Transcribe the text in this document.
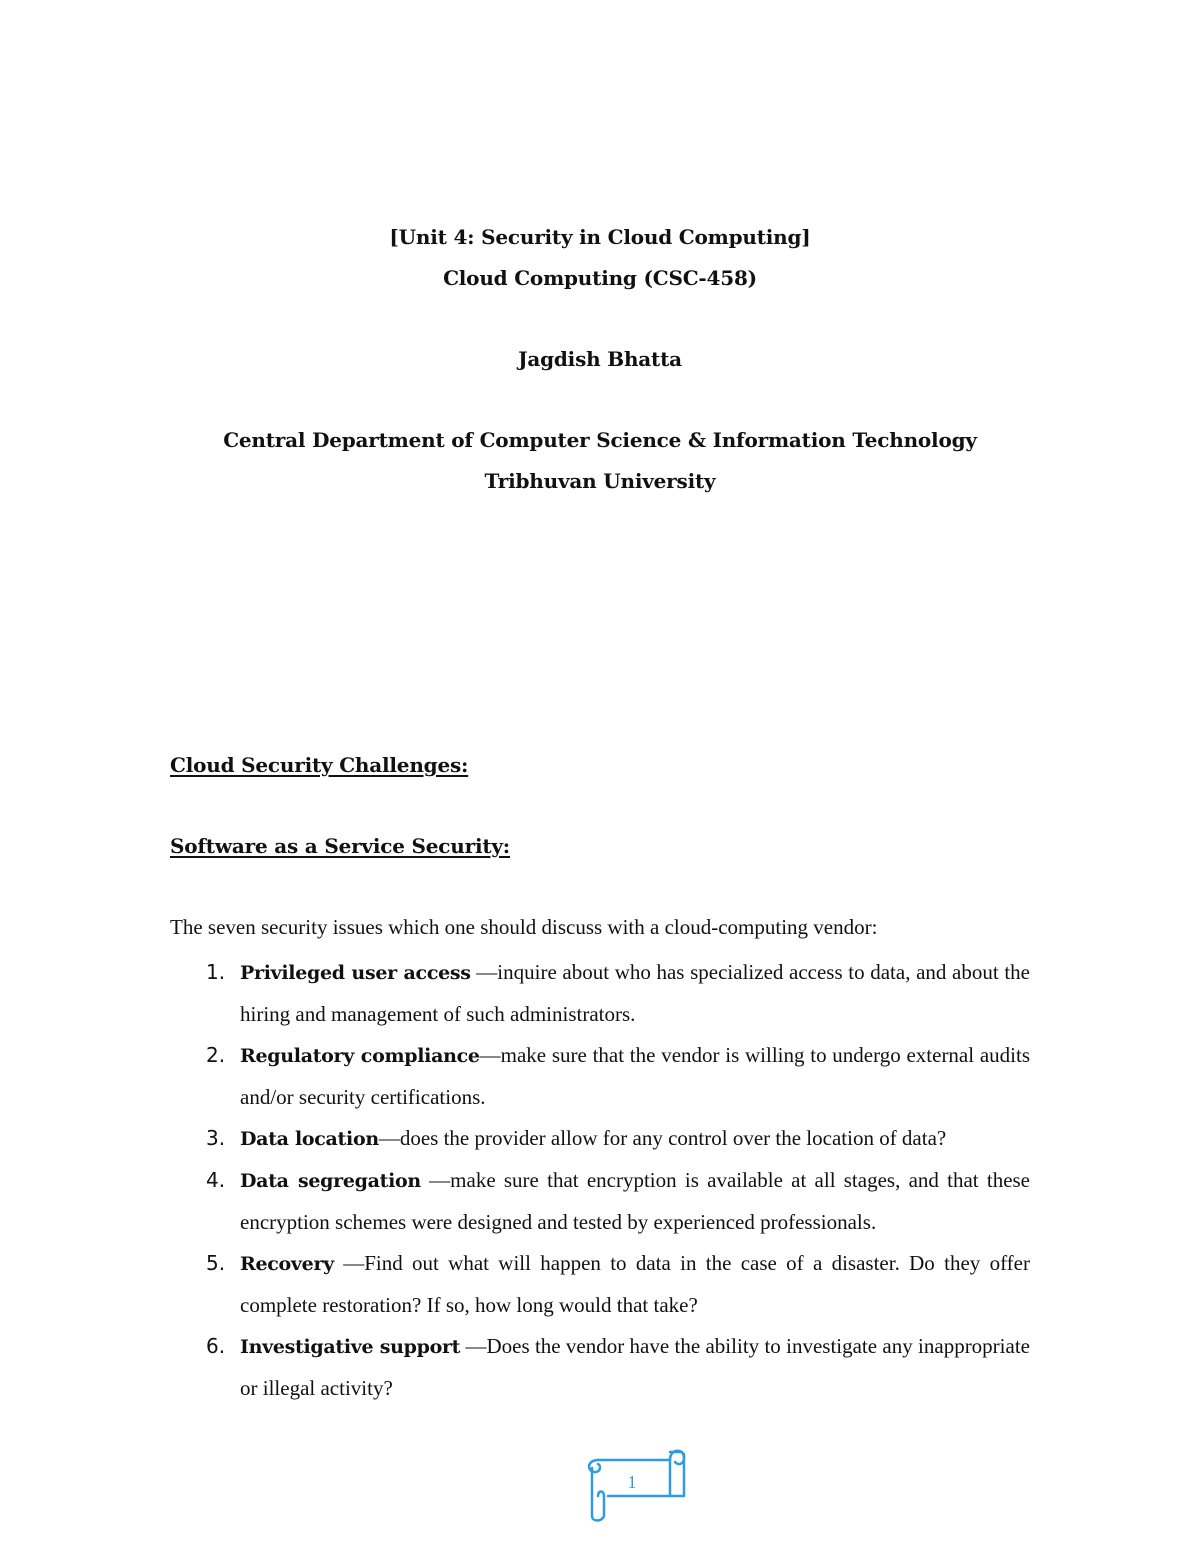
[Unit 4: Security in Cloud Computing]
Cloud Computing (CSC-458)
Jagdish Bhatta
Central Department of Computer Science & Information Technology
Tribhuvan University
Cloud Security Challenges:
Software as a Service Security:
The seven security issues which one should discuss with a cloud-computing vendor:
1. Privileged user access —inquire about who has specialized access to data, and about the hiring and management of such administrators.
2. Regulatory compliance—make sure that the vendor is willing to undergo external audits and/or security certifications.
3. Data location—does the provider allow for any control over the location of data?
4. Data segregation —make sure that encryption is available at all stages, and that these encryption schemes were designed and tested by experienced professionals.
5. Recovery —Find out what will happen to data in the case of a disaster. Do they offer complete restoration? If so, how long would that take?
6. Investigative support —Does the vendor have the ability to investigate any inappropriate or illegal activity?
1
